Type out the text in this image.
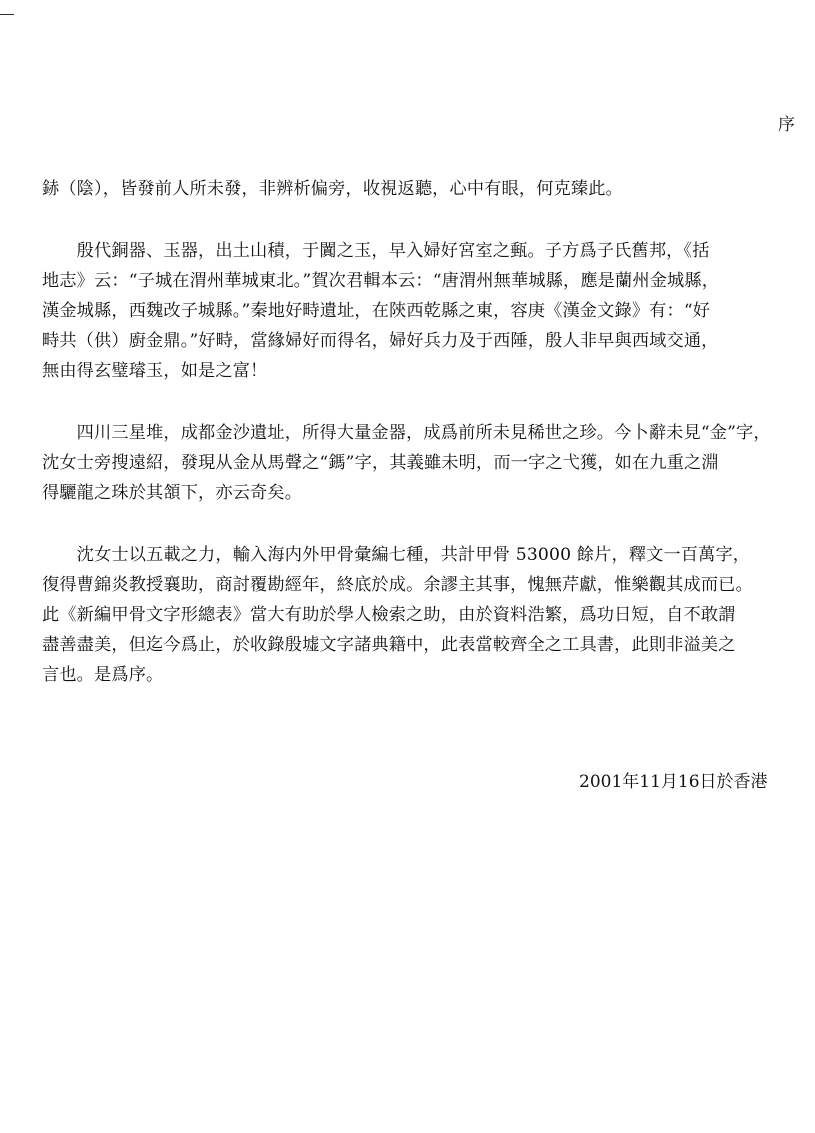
序
䤲（陰），皆發前人所未發，非辨析偏旁，收視返聽，心中有眼，何克臻此。
　　殷代銅器、玉器，出土山積，于闐之玉，早入婦好宮室之甀。子方爲子氏舊邦，《括
地志》云：“子城在渭州華城東北。”賀次君輯本云：“唐渭州無華城縣，應是蘭州金城縣，
漢金城縣，西魏改子城縣。”秦地好畤遺址，在陝西乾縣之東，容庚《漢金文錄》有：“好
畤共（供）廚金鼎。”好畤，當緣婦好而得名，婦好兵力及于西陲，殷人非早與西域交通，
無由得玄璧璿玉，如是之富！
　　四川三星堆，成都金沙遺址，所得大量金器，成爲前所未見稀世之珍。今卜辭未見“金”字，
沈女士旁搜遠紹，發現从金从馬聲之“鎷”字，其義雖未明，而一字之弋獲，如在九重之淵
得驪龍之珠於其頷下，亦云奇矣。
　　沈女士以五載之力，輸入海内外甲骨彙編七種，共計甲骨 53000 餘片，釋文一百萬字，
復得曹錦炎教授襄助，商討覆勘經年，終底於成。余謬主其事，愧無芹獻，惟樂觀其成而已。
此《新編甲骨文字形總表》當大有助於學人檢索之助，由於資料浩繁，爲功日短，自不敢謂
盡善盡美，但迄今爲止，於收錄殷墟文字諸典籍中，此表當較齊全之工具書，此則非溢美之
言也。是爲序。
2001年11月16日於香港
